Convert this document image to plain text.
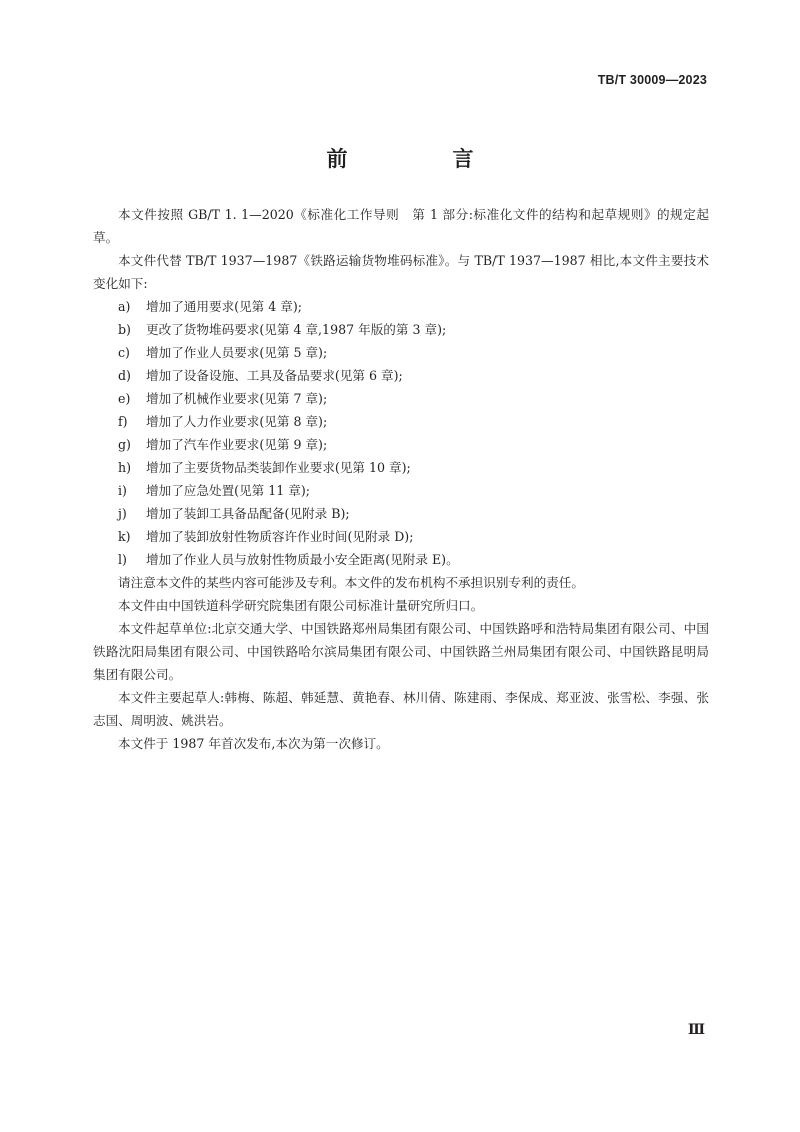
TB/T 30009—2023
前　言

本文件按照 GB/T 1. 1—2020《标准化工作导则　第 1 部分:标准化文件的结构和起草规则》的规定起草。

本文件代替 TB/T 1937—1987《铁路运输货物堆码标准》。与 TB/T 1937—1987 相比,本文件主要技术变化如下:

a)	增加了通用要求(见第 4 章);
b)	更改了货物堆码要求(见第 4 章,1987 年版的第 3 章);
c)	增加了作业人员要求(见第 5 章);
d)	增加了设备设施、工具及备品要求(见第 6 章);
e)	增加了机械作业要求(见第 7 章);
f)	增加了人力作业要求(见第 8 章);
g)	增加了汽车作业要求(见第 9 章);
h)	增加了主要货物品类装卸作业要求(见第 10 章);
i)	增加了应急处置(见第 11 章);
j)	增加了装卸工具备品配备(见附录 B);
k)	增加了装卸放射性物质容许作业时间(见附录 D);
l)	增加了作业人员与放射性物质最小安全距离(见附录 E)。

请注意本文件的某些内容可能涉及专利。本文件的发布机构不承担识别专利的责任。

本文件由中国铁道科学研究院集团有限公司标准计量研究所归口。

本文件起草单位:北京交通大学、中国铁路郑州局集团有限公司、中国铁路呼和浩特局集团有限公司、中国铁路沈阳局集团有限公司、中国铁路哈尔滨局集团有限公司、中国铁路兰州局集团有限公司、中国铁路昆明局集团有限公司。

本文件主要起草人:韩梅、陈超、韩延慧、黄艳春、林川倩、陈建雨、李保成、郑亚波、张雪松、李强、张志国、周明波、姚洪岩。

本文件于 1987 年首次发布,本次为第一次修订。

Ⅲ
